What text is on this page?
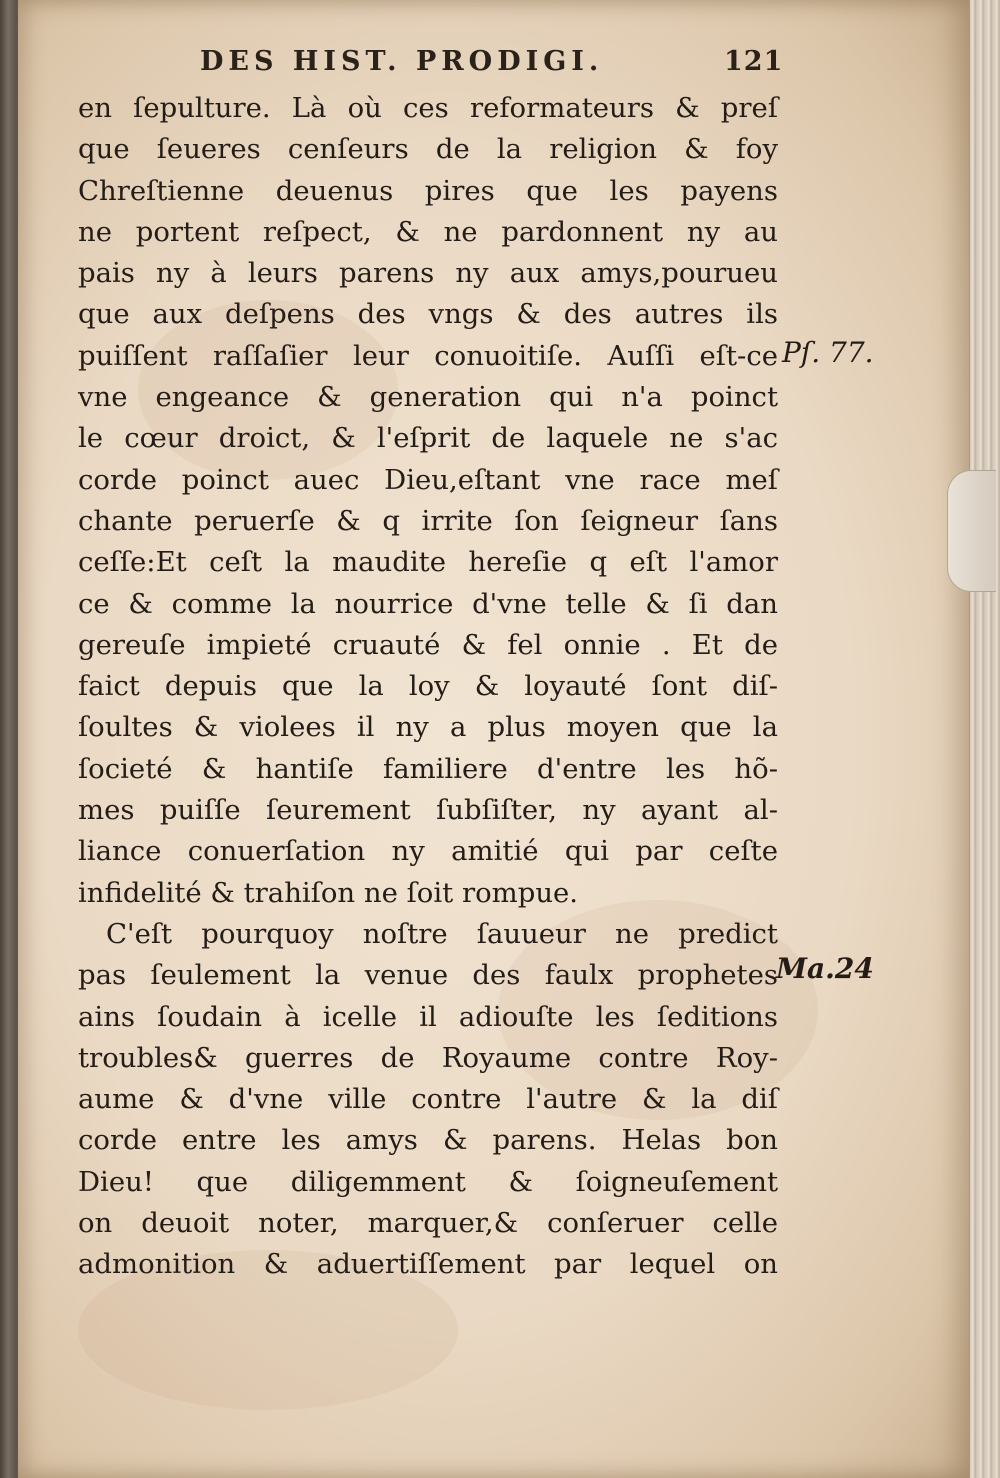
DES HIST. PRODIGI.	121
en ſepulture. Là où ces reformateurs & preſ
que ſeueres cenſeurs de la religion & foy
Chreſtienne deuenus pires que les payens
ne portent reſpect, & ne pardonnent ny au
pais ny à leurs parens ny aux amys,pourueu
que aux deſpens des vngs & des autres ils
puiſſent raſſaſier leur conuoitiſe. Auſſi eſt-ce
vne engeance & generation qui n'a poinct
le cœur droict, & l'eſprit de laquele ne s'ac
corde poinct auec Dieu,eſtant vne race meſ
chante peruerſe & q irrite ſon ſeigneur ſans
ceſſe:Et ceſt la maudite hereſie q eſt l'amor
ce & comme la nourrice d'vne telle & ſi dan
gereuſe impieté cruauté & fel onnie . Et de
faict depuis que la loy & loyauté ſont diſ-
ſoultes & violees il ny a plus moyen que la
ſocieté & hantiſe familiere d'entre les hõ-
mes puiſſe ſeurement ſubſiſter, ny ayant al-
liance conuerſation ny amitié qui par ceſte
infidelité & trahiſon ne ſoit rompue.
C'eſt pourquoy noſtre ſauueur ne predict
pas ſeulement la venue des faulx prophetes
ains ſoudain à icelle il adiouſte les ſeditions
troubles& guerres de Royaume contre Roy-
aume & d'vne ville contre l'autre & la diſ
corde entre les amys & parens. Helas bon
Dieu! que diligemment & ſoigneuſement
on deuoit noter, marquer,& conſeruer celle
admonition & aduertiſſement par lequel on
Pſ. 77.
Ma.24
